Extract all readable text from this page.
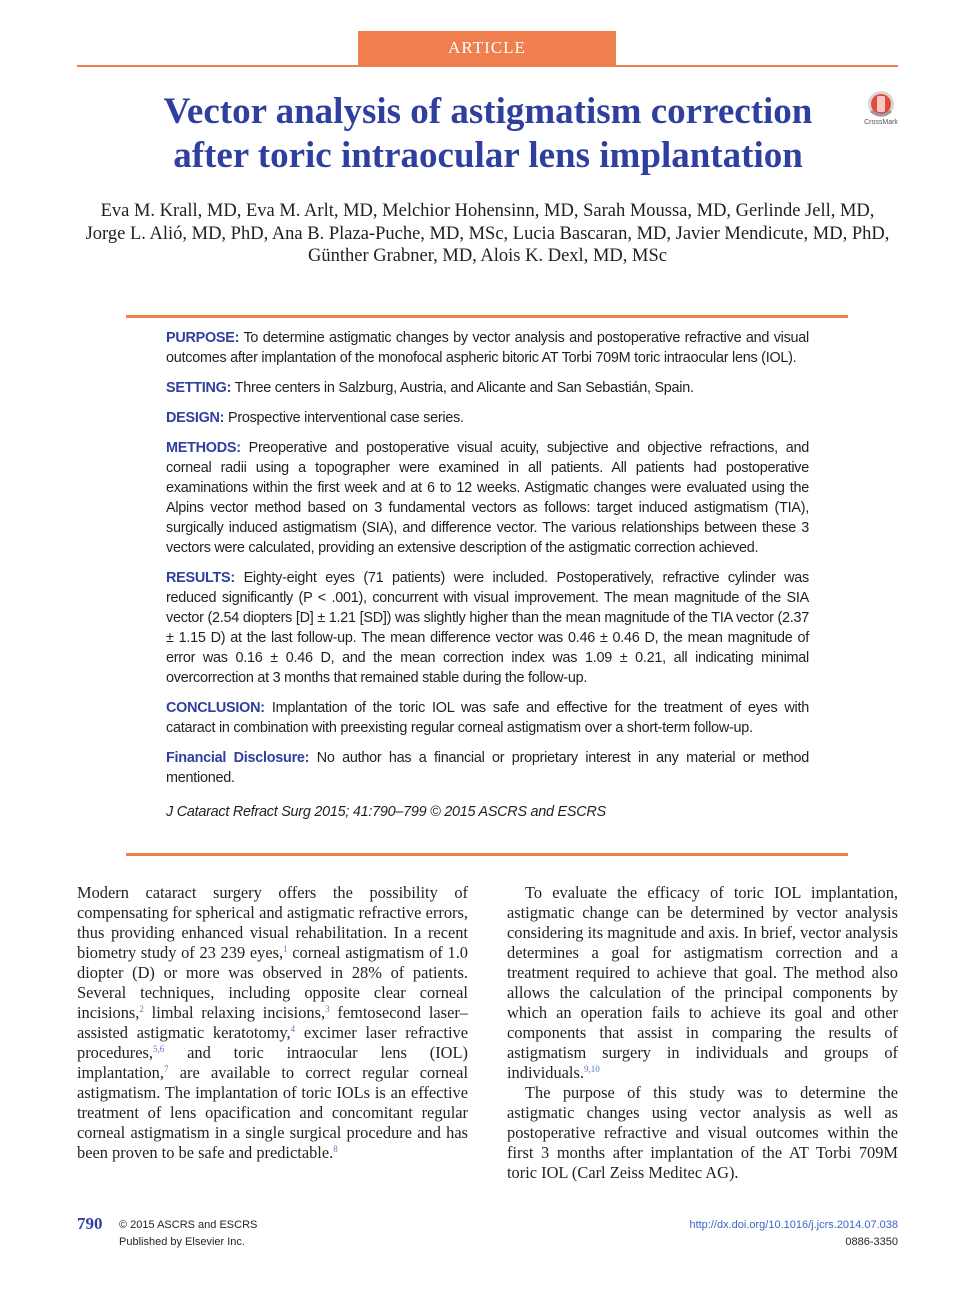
ARTICLE
Vector analysis of astigmatism correction
after toric intraocular lens implantation
CrossMark
Eva M. Krall, MD, Eva M. Arlt, MD, Melchior Hohensinn, MD, Sarah Moussa, MD, Gerlinde Jell, MD,
Jorge L. Alió, MD, PhD, Ana B. Plaza-Puche, MD, MSc, Lucia Bascaran, MD, Javier Mendicute, MD, PhD,
Günther Grabner, MD, Alois K. Dexl, MD, MSc

PURPOSE: To determine astigmatic changes by vector analysis and postoperative refractive and visual outcomes after implantation of the monofocal aspheric bitoric AT Torbi 709M toric intraocular lens (IOL).

SETTING: Three centers in Salzburg, Austria, and Alicante and San Sebastián, Spain.

DESIGN: Prospective interventional case series.

METHODS: Preoperative and postoperative visual acuity, subjective and objective refractions, and corneal radii using a topographer were examined in all patients. All patients had postoperative examinations within the first week and at 6 to 12 weeks. Astigmatic changes were evaluated using the Alpins vector method based on 3 fundamental vectors as follows: target induced astigmatism (TIA), surgically induced astigmatism (SIA), and difference vector. The various relationships between these 3 vectors were calculated, providing an extensive description of the astigmatic correction achieved.

RESULTS: Eighty-eight eyes (71 patients) were included. Postoperatively, refractive cylinder was reduced significantly (P < .001), concurrent with visual improvement. The mean magnitude of the SIA vector (2.54 diopters [D] ± 1.21 [SD]) was slightly higher than the mean magnitude of the TIA vector (2.37 ± 1.15 D) at the last follow-up. The mean difference vector was 0.46 ± 0.46 D, the mean magnitude of error was 0.16 ± 0.46 D, and the mean correction index was 1.09 ± 0.21, all indicating minimal overcorrection at 3 months that remained stable during the follow-up.

CONCLUSION: Implantation of the toric IOL was safe and effective for the treatment of eyes with cataract in combination with preexisting regular corneal astigmatism over a short-term follow-up.

Financial Disclosure: No author has a financial or proprietary interest in any material or method mentioned.

J Cataract Refract Surg 2015; 41:790–799 © 2015 ASCRS and ESCRS

Modern cataract surgery offers the possibility of compensating for spherical and astigmatic refractive errors, thus providing enhanced visual rehabilitation. In a recent biometry study of 23 239 eyes,$^1$ corneal astigmatism of 1.0 diopter (D) or more was observed in 28% of patients. Several techniques, including opposite clear corneal incisions,$^2$ limbal relaxing incisions,$^3$ femtosecond laser–assisted astigmatic keratotomy,$^4$ excimer laser refractive procedures,$^{5,6}$ and toric intraocular lens (IOL) implantation,$^7$ are available to correct regular corneal astigmatism. The implantation of toric IOLs is an effective treatment of lens opacification and concomitant regular corneal astigmatism in a single surgical procedure and has been proven to be safe and predictable.$^8$

To evaluate the efficacy of toric IOL implantation, astigmatic change can be determined by vector analysis considering its magnitude and axis. In brief, vector analysis determines a goal for astigmatism correction and a treatment required to achieve that goal. The method also allows the calculation of the principal components by which an operation fails to achieve its goal and other components that assist in comparing the results of astigmatism surgery in individuals and groups of individuals.$^{9,10}$

The purpose of this study was to determine the astigmatic changes using vector analysis as well as postoperative refractive and visual outcomes within the first 3 months after implantation of the AT Torbi 709M toric IOL (Carl Zeiss Meditec AG).

790 © 2015 ASCRS and ESCRS
Published by Elsevier Inc.
http://dx.doi.org/10.1016/j.jcrs.2014.07.038
0886-3350
